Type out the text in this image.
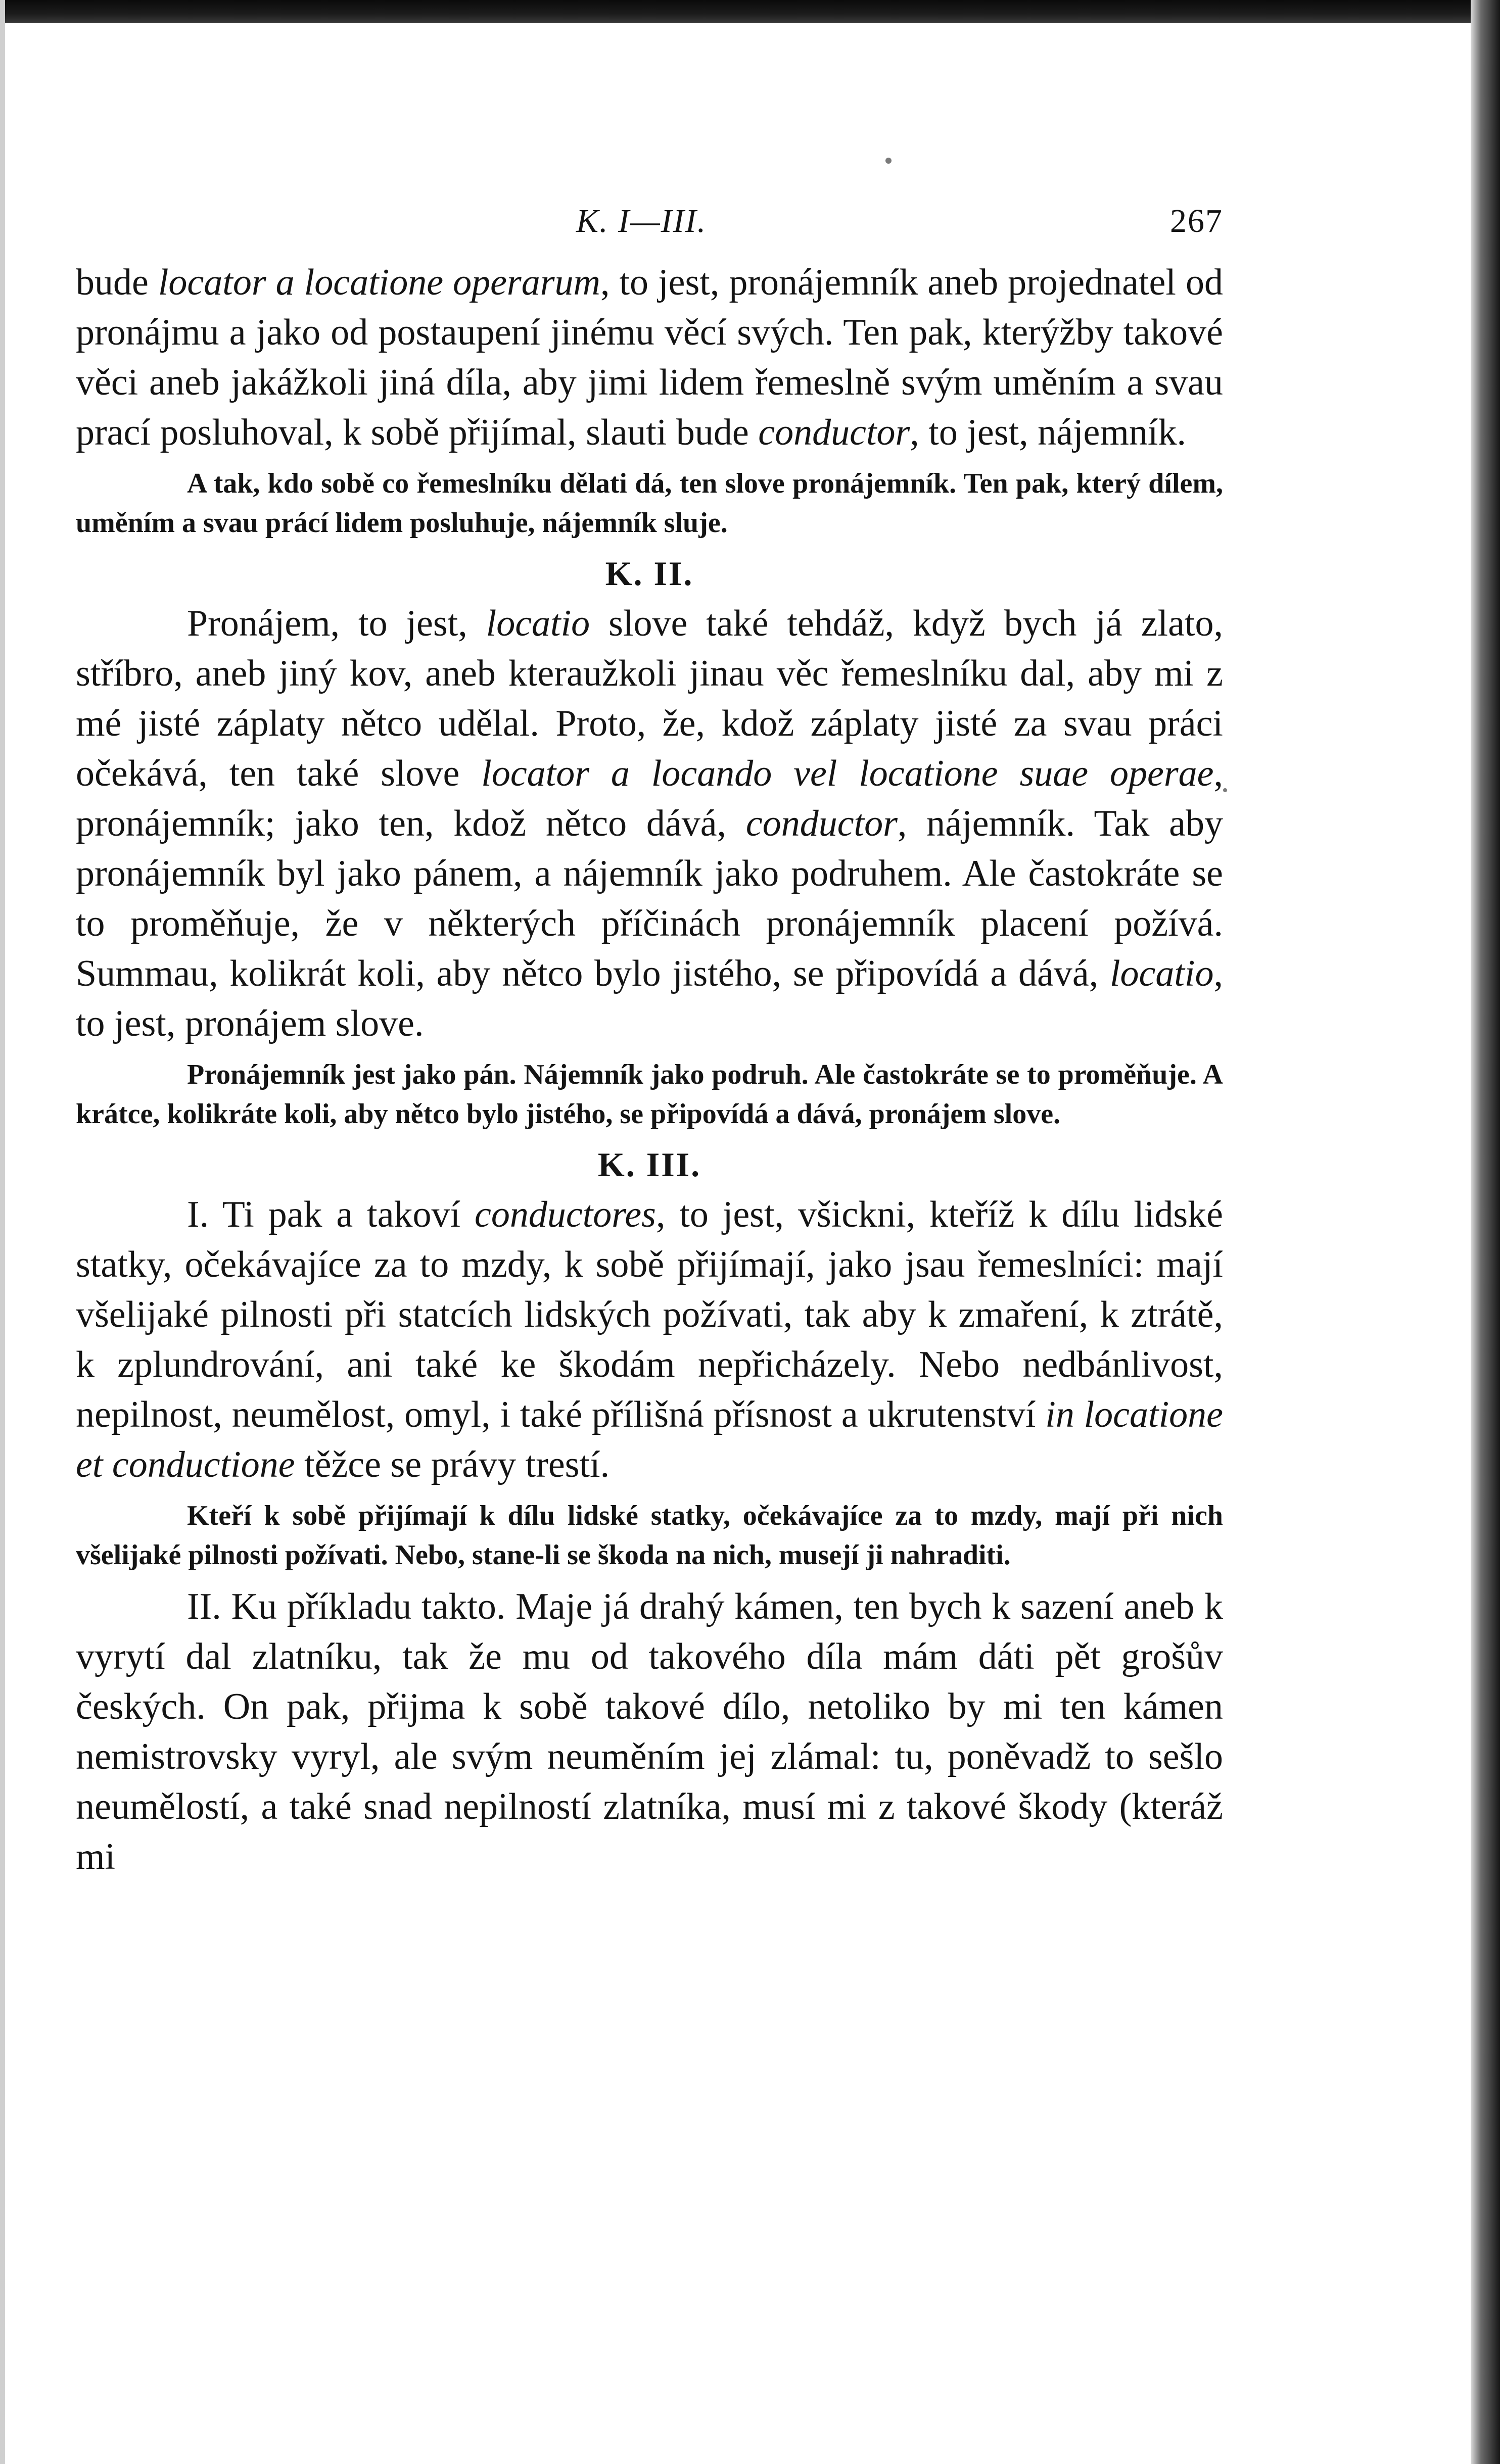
K. I—III.	267

bude locator a locatione operarum, to jest, pronájemník aneb projednatel od pronájmu a jako od postaupení jinému věcí svých. Ten pak, kterýžby takové věci aneb jakážkoli jiná díla, aby jimi lidem řemeslně svým uměním a svau prací posluhoval, k sobě přijímal, slauti bude conductor, to jest, nájemník.

A tak, kdo sobě co řemeslníku dělati dá, ten slove pronájemník. Ten pak, který dílem, uměním a svau prácí lidem posluhuje, nájemník sluje.

K. II.

Pronájem, to jest, locatio slove také tehdáž, když bych já zlato, stříbro, aneb jiný kov, aneb kteraužkoli jinau věc řemeslníku dal, aby mi z mé jisté záplaty nětco udělal. Proto, že, kdož záplaty jisté za svau práci očekává, ten také slove locator a locando vel locatione suae operae, pronájemník; jako ten, kdož nětco dává, conductor, nájemník. Tak aby pronájemník byl jako pánem, a nájemník jako podruhem. Ale častokráte se to proměňuje, že v některých příčinách pronájemník placení požívá. Summau, kolikrát koli, aby nětco bylo jistého, se připovídá a dává, locatio, to jest, pronájem slove.

Pronájemník jest jako pán. Nájemník jako podruh. Ale častokráte se to proměňuje. A krátce, kolikráte koli, aby nětco bylo jistého, se připovídá a dává, pronájem slove.

K. III.

I. Ti pak a takoví conductores, to jest, všickni, kteříž k dílu lidské statky, očekávajíce za to mzdy, k sobě přijímají, jako jsau řemeslníci: mají všelijaké pilnosti při statcích lidských požívati, tak aby k zmaření, k ztrátě, k zplundrování, ani také ke škodám nepřicházely. Nebo nedbánlivost, nepilnost, neumělost, omyl, i také přílišná přísnost a ukrutenství in locatione et conductione těžce se právy trestí.

Kteří k sobě přijímají k dílu lidské statky, očekávajíce za to mzdy, mají při nich všelijaké pilnosti požívati. Nebo, stane-li se škoda na nich, musejí ji nahraditi.

II. Ku příkladu takto. Maje já drahý kámen, ten bych k sazení aneb k vyrytí dal zlatníku, tak že mu od takového díla mám dáti pět grošův českých. On pak, přijma k sobě takové dílo, netoliko by mi ten kámen nemistrovsky vyryl, ale svým neuměním jej zlámal: tu, poněvadž to sešlo neumělostí, a také snad nepilností zlatníka, musí mi z takové škody (kteráž mi
